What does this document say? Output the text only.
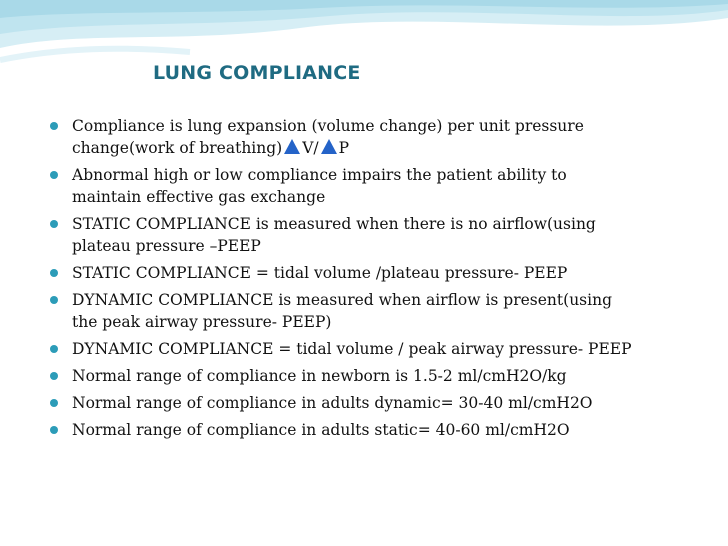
LUNG COMPLIANCE
Compliance is lung expansion (volume change) per unit pressure
change(work of breathing) V/ P
Abnormal high or low compliance impairs the patient ability to
maintain effective gas exchange
STATIC COMPLIANCE is measured when there is no airflow(using
plateau pressure –PEEP
STATIC COMPLIANCE = tidal volume /plateau pressure- PEEP
DYNAMIC COMPLIANCE is measured when airflow is present(using
the peak airway pressure- PEEP)
DYNAMIC COMPLIANCE = tidal volume / peak airway pressure- PEEP
Normal range of compliance in newborn is 1.5-2 ml/cmH2O/kg
Normal range of compliance in adults dynamic= 30-40 ml/cmH2O
Normal range of compliance in adults static= 40-60 ml/cmH2O
